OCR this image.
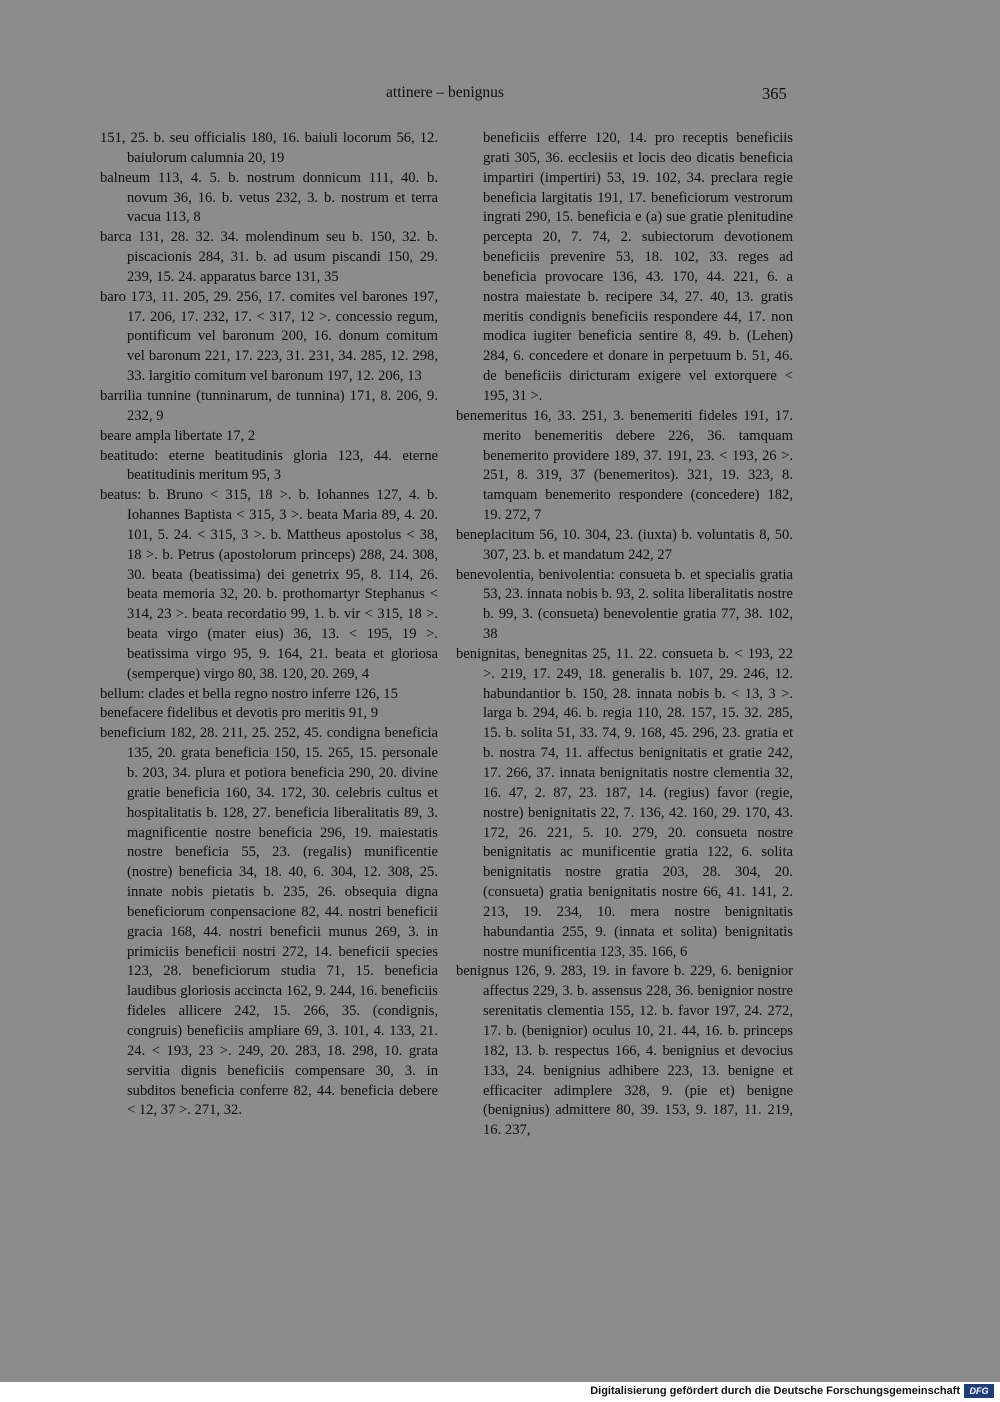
attinere – benignus	365

151, 25. b. seu officialis 180, 16. baiuli locorum 56, 12. baiulorum calumnia 20, 19

balneum 113, 4. 5. b. nostrum donnicum 111, 40. b. novum 36, 16. b. vetus 232, 3. b. nostrum et terra vacua 113, 8

barca 131, 28. 32. 34. molendinum seu b. 150, 32. b. piscacionis 284, 31. b. ad usum piscandi 150, 29. 239, 15. 24. apparatus barce 131, 35

baro 173, 11. 205, 29. 256, 17. comites vel barones 197, 17. 206, 17. 232, 17. < 317, 12 >. concessio regum, pontificum vel baronum 200, 16. donum comitum vel baronum 221, 17. 223, 31. 231, 34. 285, 12. 298, 33. largitio comitum vel baronum 197, 12. 206, 13

barrilia tunnine (tunninarum, de tunnina) 171, 8. 206, 9. 232, 9

beare ampla libertate 17, 2

beatitudo: eterne beatitudinis gloria 123, 44. eterne beatitudinis meritum 95, 3

beatus: b. Bruno < 315, 18 >. b. Iohannes 127, 4. b. Iohannes Baptista < 315, 3 >. beata Maria 89, 4. 20. 101, 5. 24. < 315, 3 >. b. Mattheus apostolus < 38, 18 >. b. Petrus (apostolorum princeps) 288, 24. 308, 30. beata (beatissima) dei genetrix 95, 8. 114, 26. beata memoria 32, 20. b. prothomartyr Stephanus < 314, 23 >. beata recordatio 99, 1. b. vir < 315, 18 >. beata virgo (mater eius) 36, 13. < 195, 19 >. beatissima virgo 95, 9. 164, 21. beata et gloriosa (semperque) virgo 80, 38. 120, 20. 269, 4

bellum: clades et bella regno nostro inferre 126, 15

benefacere fidelibus et devotis pro meritis 91, 9

beneficium 182, 28. 211, 25. 252, 45. condigna beneficia 135, 20. grata beneficia 150, 15. 265, 15. personale b. 203, 34. plura et potiora beneficia 290, 20. divine gratie beneficia 160, 34. 172, 30. celebris cultus et hospitalitatis b. 128, 27. beneficia liberalitatis 89, 3. magnificentie nostre beneficia 296, 19. maiestatis nostre beneficia 55, 23. (regalis) munificentie (nostre) beneficia 34, 18. 40, 6. 304, 12. 308, 25. innate nobis pietatis b. 235, 26. obsequia digna beneficiorum conpensacione 82, 44. nostri beneficii gracia 168, 44. nostri beneficii munus 269, 3. in primiciis beneficii nostri 272, 14. beneficii species 123, 28. beneficiorum studia 71, 15. beneficia laudibus gloriosis accincta 162, 9. 244, 16. beneficiis fideles allicere 242, 15. 266, 35. (condignis, congruis) beneficiis ampliare 69, 3. 101, 4. 133, 21. 24. < 193, 23 >. 249, 20. 283, 18. 298, 10. grata servitia dignis beneficiis compensare 30, 3. in subditos beneficia conferre 82, 44. beneficia debere < 12, 37 >. 271, 32.

beneficiis efferre 120, 14. pro receptis beneficiis grati 305, 36. ecclesiis et locis deo dicatis beneficia impartiri (impertiri) 53, 19. 102, 34. preclara regie beneficia largitatis 191, 17. beneficiorum vestrorum ingrati 290, 15. beneficia e (a) sue gratie plenitudine percepta 20, 7. 74, 2. subiectorum devotionem beneficiis prevenire 53, 18. 102, 33. reges ad beneficia provocare 136, 43. 170, 44. 221, 6. a nostra maiestate b. recipere 34, 27. 40, 13. gratis meritis condignis beneficiis respondere 44, 17. non modica iugiter beneficia sentire 8, 49. b. (Lehen) 284, 6. concedere et donare in perpetuum b. 51, 46. de beneficiis diricturam exigere vel extorquere < 195, 31 >.

benemeritus 16, 33. 251, 3. benemeriti fideles 191, 17. merito benemeritis debere 226, 36. tamquam benemerito providere 189, 37. 191, 23. < 193, 26 >. 251, 8. 319, 37 (benemeritos). 321, 19. 323, 8. tamquam benemerito respondere (concedere) 182, 19. 272, 7

beneplacitum 56, 10. 304, 23. (iuxta) b. voluntatis 8, 50. 307, 23. b. et mandatum 242, 27

benevolentia, benivolentia: consueta b. et specialis gratia 53, 23. innata nobis b. 93, 2. solita liberalitatis nostre b. 99, 3. (consueta) benevolentie gratia 77, 38. 102, 38

benignitas, benegnitas 25, 11. 22. consueta b. < 193, 22 >. 219, 17. 249, 18. generalis b. 107, 29. 246, 12. habundantior b. 150, 28. innata nobis b. < 13, 3 >. larga b. 294, 46. b. regia 110, 28. 157, 15. 32. 285, 15. b. solita 51, 33. 74, 9. 168, 45. 296, 23. gratia et b. nostra 74, 11. affectus benignitatis et gratie 242, 17. 266, 37. innata benignitatis nostre clementia 32, 16. 47, 2. 87, 23. 187, 14. (regius) favor (regie, nostre) benignitatis 22, 7. 136, 42. 160, 29. 170, 43. 172, 26. 221, 5. 10. 279, 20. consueta nostre benignitatis ac munificentie gratia 122, 6. solita benignitatis nostre gratia 203, 28. 304, 20. (consueta) gratia benignitatis nostre 66, 41. 141, 2. 213, 19. 234, 10. mera nostre benignitatis habundantia 255, 9. (innata et solita) benignitatis nostre munificentia 123, 35. 166, 6

benignus 126, 9. 283, 19. in favore b. 229, 6. benignior affectus 229, 3. b. assensus 228, 36. benignior nostre serenitatis clementia 155, 12. b. favor 197, 24. 272, 17. b. (benignior) oculus 10, 21. 44, 16. b. princeps 182, 13. b. respectus 166, 4. benignius et devocius 133, 24. benignius adhibere 223, 13. benigne et efficaciter adimplere 328, 9. (pie et) benigne (benignius) admittere 80, 39. 153, 9. 187, 11. 219, 16. 237,

Digitalisierung gefördert durch die Deutsche Forschungsgemeinschaft	DFG
